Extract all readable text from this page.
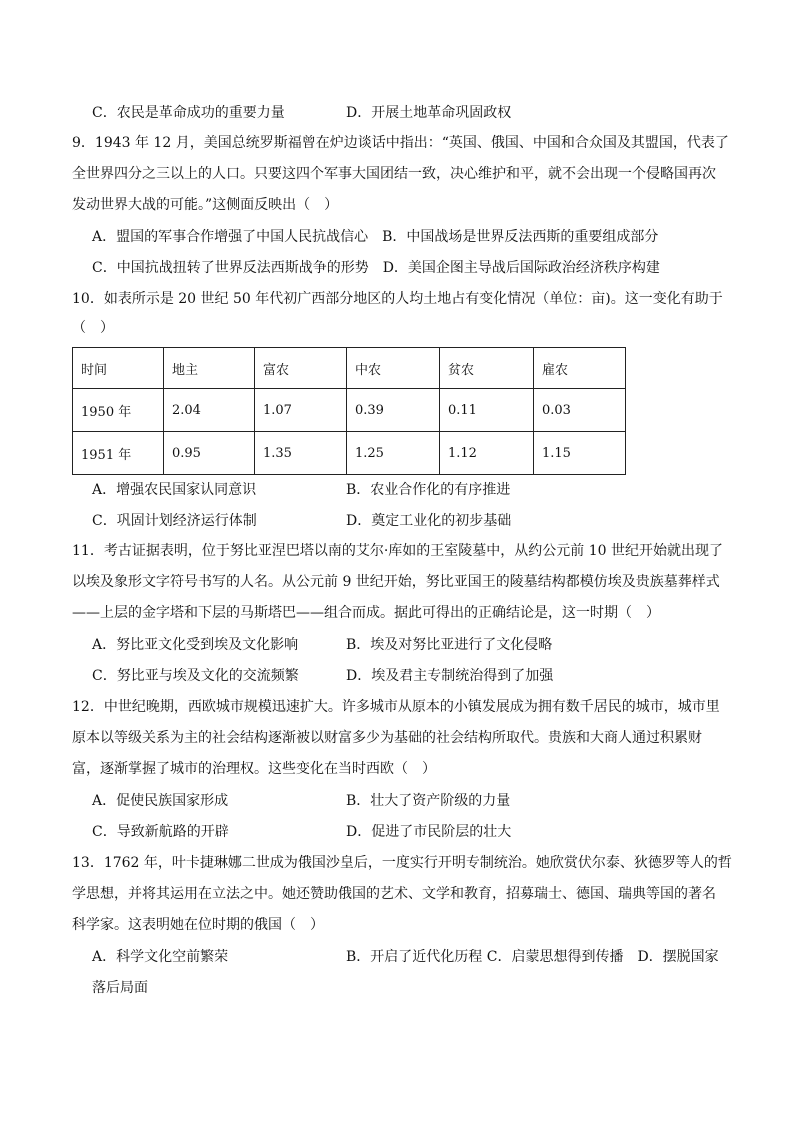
C．农民是革命成功的重要力量	D．开展土地革命巩固政权
9．1943 年 12 月，美国总统罗斯福曾在炉边谈话中指出：“英国、俄国、中国和合众国及其盟国，代表了
全世界四分之三以上的人口。只要这四个军事大国团结一致，决心维护和平，就不会出现一个侵略国再次
发动世界大战的可能。”这侧面反映出（　）
A．盟国的军事合作增强了中国人民抗战信心　B．中国战场是世界反法西斯的重要组成部分
C．中国抗战扭转了世界反法西斯战争的形势　D．美国企图主导战后国际政治经济秩序构建
10．如表所示是 20 世纪 50 年代初广西部分地区的人均土地占有变化情况（单位：亩)。这一变化有助于
（　）
时间	地主	富农	中农	贫农	雇农
1950 年	2.04	1.07	0.39	0.11	0.03
1951 年	0.95	1.35	1.25	1.12	1.15
A．增强农民国家认同意识	B．农业合作化的有序推进
C．巩固计划经济运行体制	D．奠定工业化的初步基础
11．考古证据表明，位于努比亚涅巴塔以南的艾尔·库如的王室陵墓中，从约公元前 10 世纪开始就出现了
以埃及象形文字符号书写的人名。从公元前 9 世纪开始，努比亚国王的陵墓结构都模仿埃及贵族墓葬样式
——上层的金字塔和下层的马斯塔巴——组合而成。据此可得出的正确结论是，这一时期（　）
A．努比亚文化受到埃及文化影响	B．埃及对努比亚进行了文化侵略
C．努比亚与埃及文化的交流频繁	D．埃及君主专制统治得到了加强
12．中世纪晚期，西欧城市规模迅速扩大。许多城市从原本的小镇发展成为拥有数千居民的城市，城市里
原本以等级关系为主的社会结构逐渐被以财富多少为基础的社会结构所取代。贵族和大商人通过积累财
富，逐渐掌握了城市的治理权。这些变化在当时西欧（　）
A．促使民族国家形成	B．壮大了资产阶级的力量
C．导致新航路的开辟	D．促进了市民阶层的壮大
13．1762 年，叶卡捷琳娜二世成为俄国沙皇后，一度实行开明专制统治。她欣赏伏尔泰、狄德罗等人的哲
学思想，并将其运用在立法之中。她还赞助俄国的艺术、文学和教育，招募瑞士、德国、瑞典等国的著名
科学家。这表明她在位时期的俄国（　）
A．科学文化空前繁荣	B．开启了近代化历程 C．启蒙思想得到传播　D．摆脱国家
落后局面
